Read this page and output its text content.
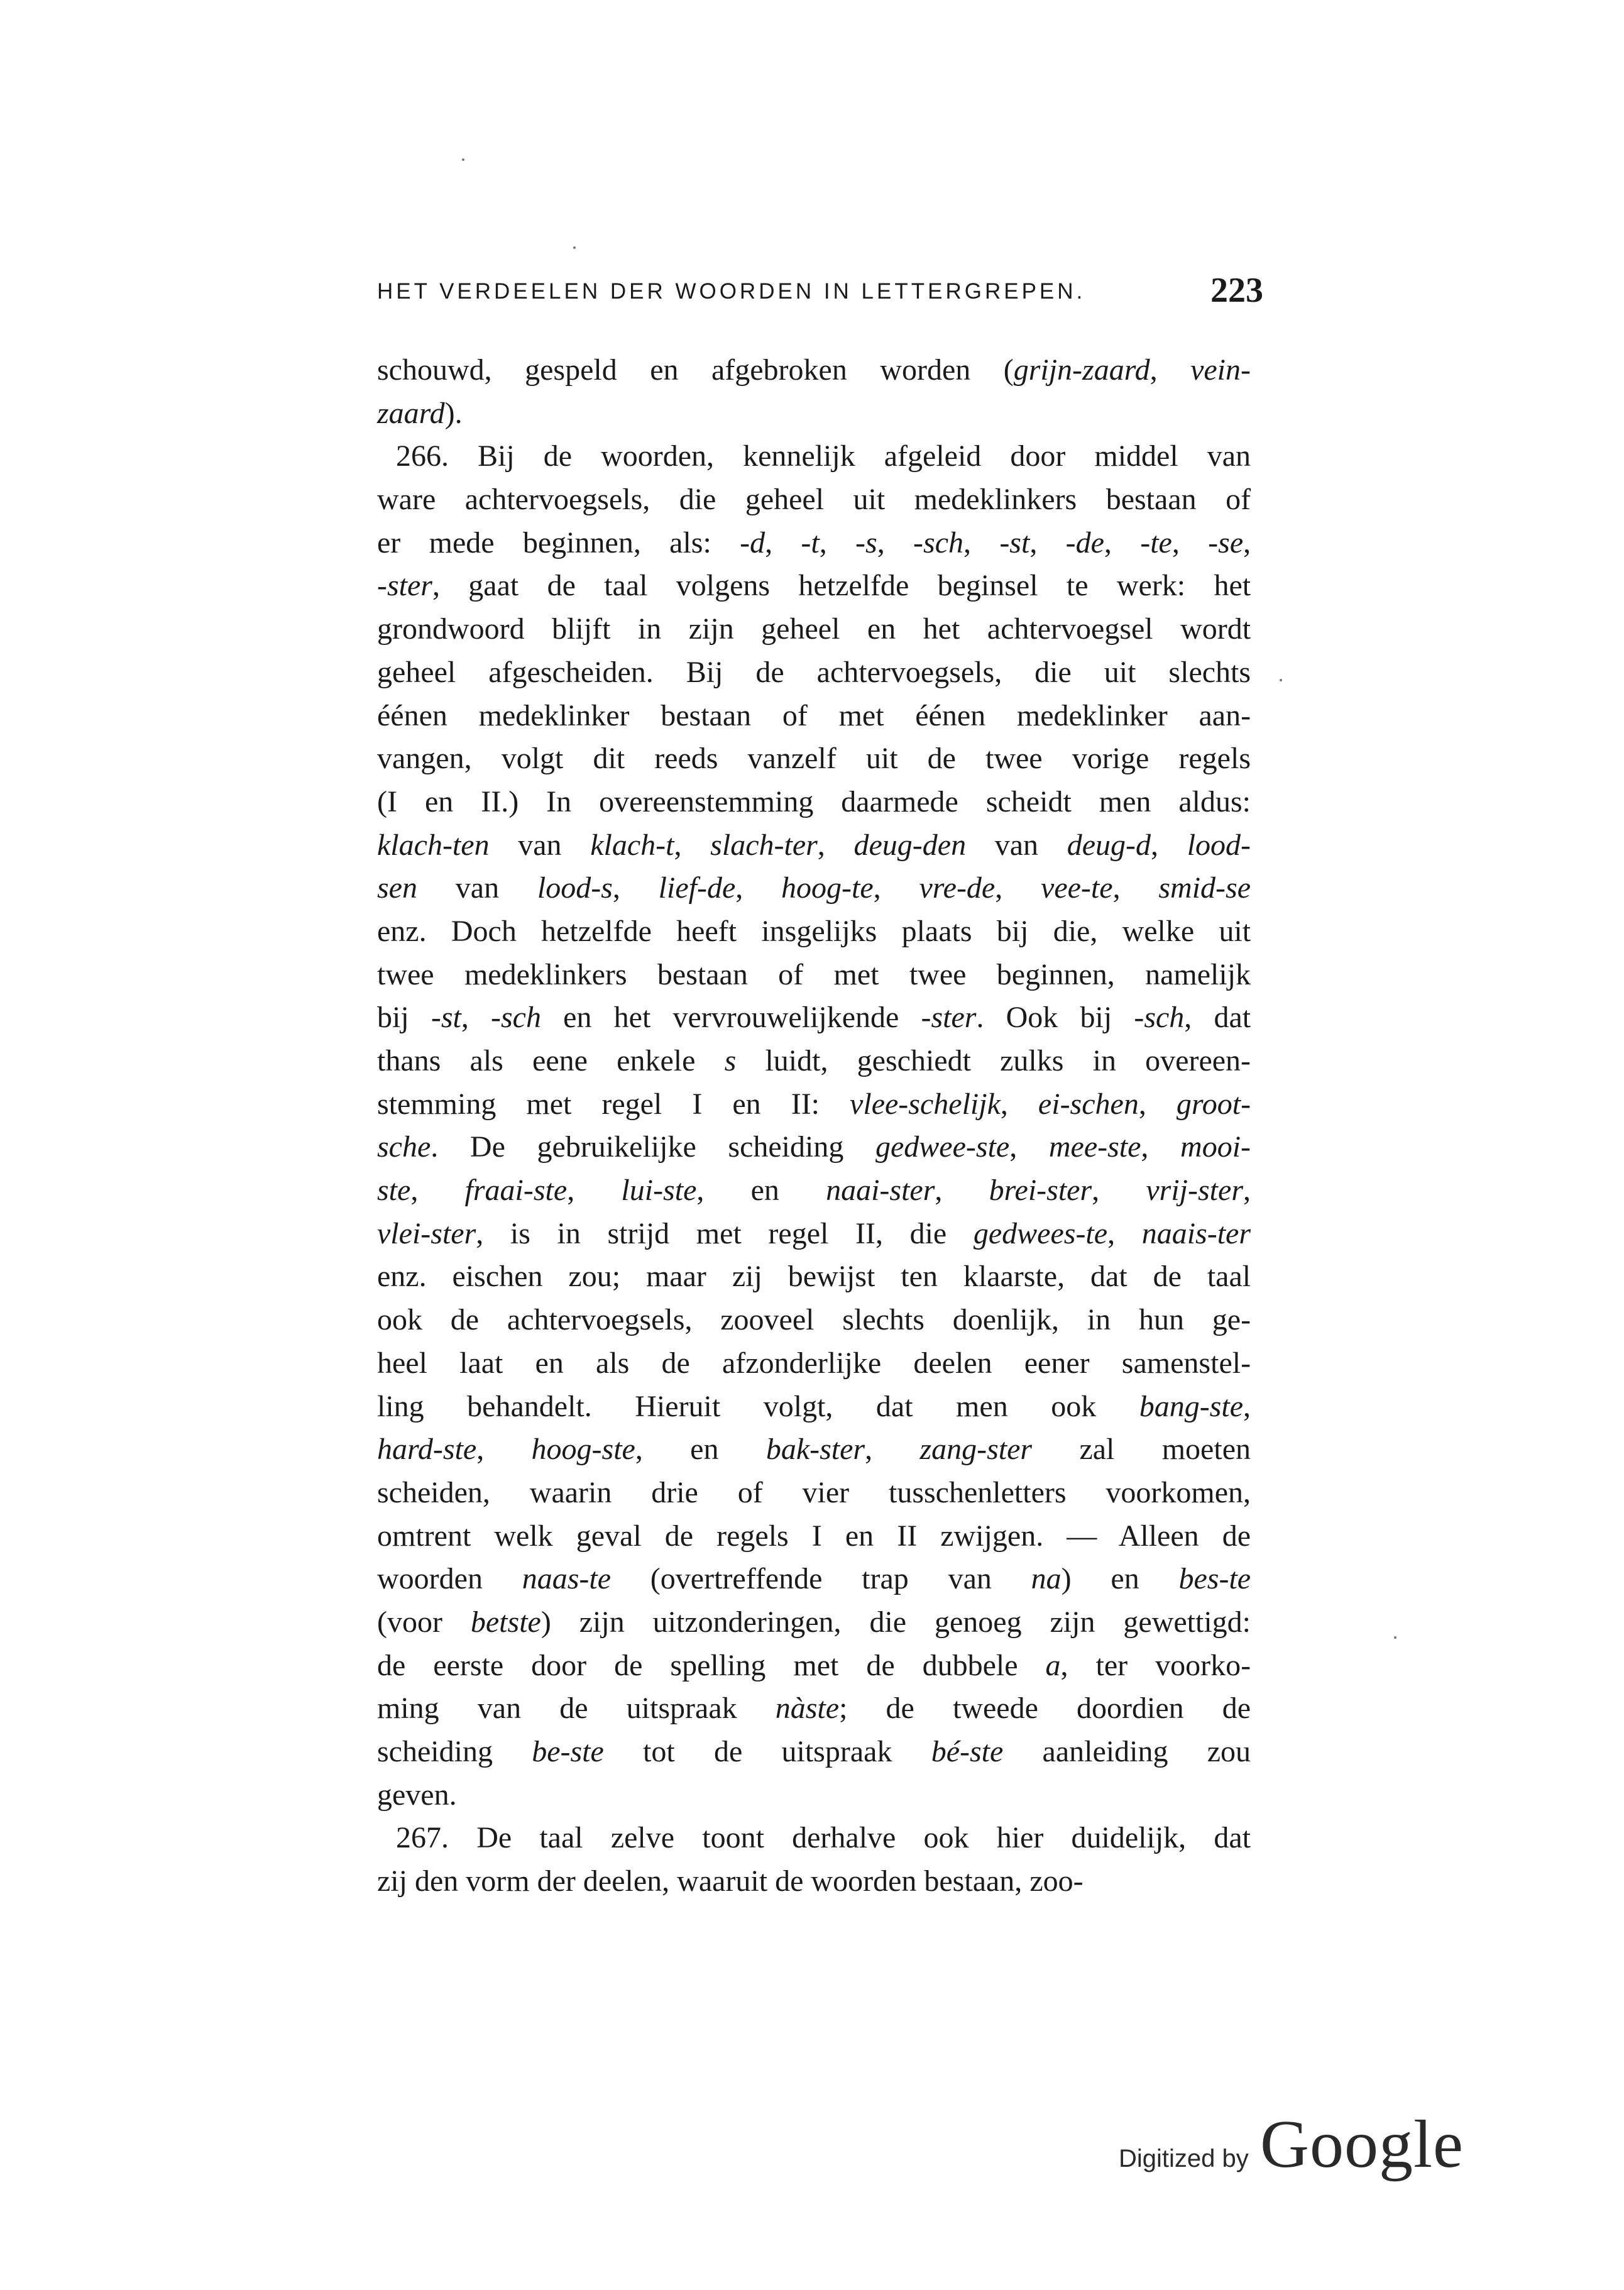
HET VERDEELEN DER WOORDEN IN LETTERGREPEN.	223
schouwd, gespeld en afgebroken worden (grijn-zaard, vein-
zaard).
266. Bij de woorden, kennelijk afgeleid door middel van
ware achtervoegsels, die geheel uit medeklinkers bestaan of
er mede beginnen, als: -d, -t, -s, -sch, -st, -de, -te, -se,
-ster, gaat de taal volgens hetzelfde beginsel te werk: het
grondwoord blijft in zijn geheel en het achtervoegsel wordt
geheel afgescheiden. Bij de achtervoegsels, die uit slechts
éénen medeklinker bestaan of met éénen medeklinker aan-
vangen, volgt dit reeds vanzelf uit de twee vorige regels
(I en II.) In overeenstemming daarmede scheidt men aldus:
klach-ten van klach-t, slach-ter, deug-den van deug-d, lood-
sen van lood-s, lief-de, hoog-te, vre-de, vee-te, smid-se
enz. Doch hetzelfde heeft insgelijks plaats bij die, welke uit
twee medeklinkers bestaan of met twee beginnen, namelijk
bij -st, -sch en het vervrouwelijkende -ster. Ook bij -sch, dat
thans als eene enkele s luidt, geschiedt zulks in overeen-
stemming met regel I en II: vlee-schelijk, ei-schen, groot-
sche. De gebruikelijke scheiding gedwee-ste, mee-ste, mooi-
ste, fraai-ste, lui-ste, en naai-ster, brei-ster, vrij-ster,
vlei-ster, is in strijd met regel II, die gedwees-te, naais-ter
enz. eischen zou; maar zij bewijst ten klaarste, dat de taal
ook de achtervoegsels, zooveel slechts doenlijk, in hun ge-
heel laat en als de afzonderlijke deelen eener samenstel-
ling behandelt. Hieruit volgt, dat men ook bang-ste,
hard-ste, hoog-ste, en bak-ster, zang-ster zal moeten
scheiden, waarin drie of vier tusschenletters voorkomen,
omtrent welk geval de regels I en II zwijgen. — Alleen de
woorden naas-te (overtreffende trap van na) en bes-te
(voor betste) zijn uitzonderingen, die genoeg zijn gewettigd:
de eerste door de spelling met de dubbele a, ter voorko-
ming van de uitspraak nàste; de tweede doordien de
scheiding be-ste tot de uitspraak bé-ste aanleiding zou
geven.
267. De taal zelve toont derhalve ook hier duidelijk, dat
zij den vorm der deelen, waaruit de woorden bestaan, zoo-
Digitized by Google
